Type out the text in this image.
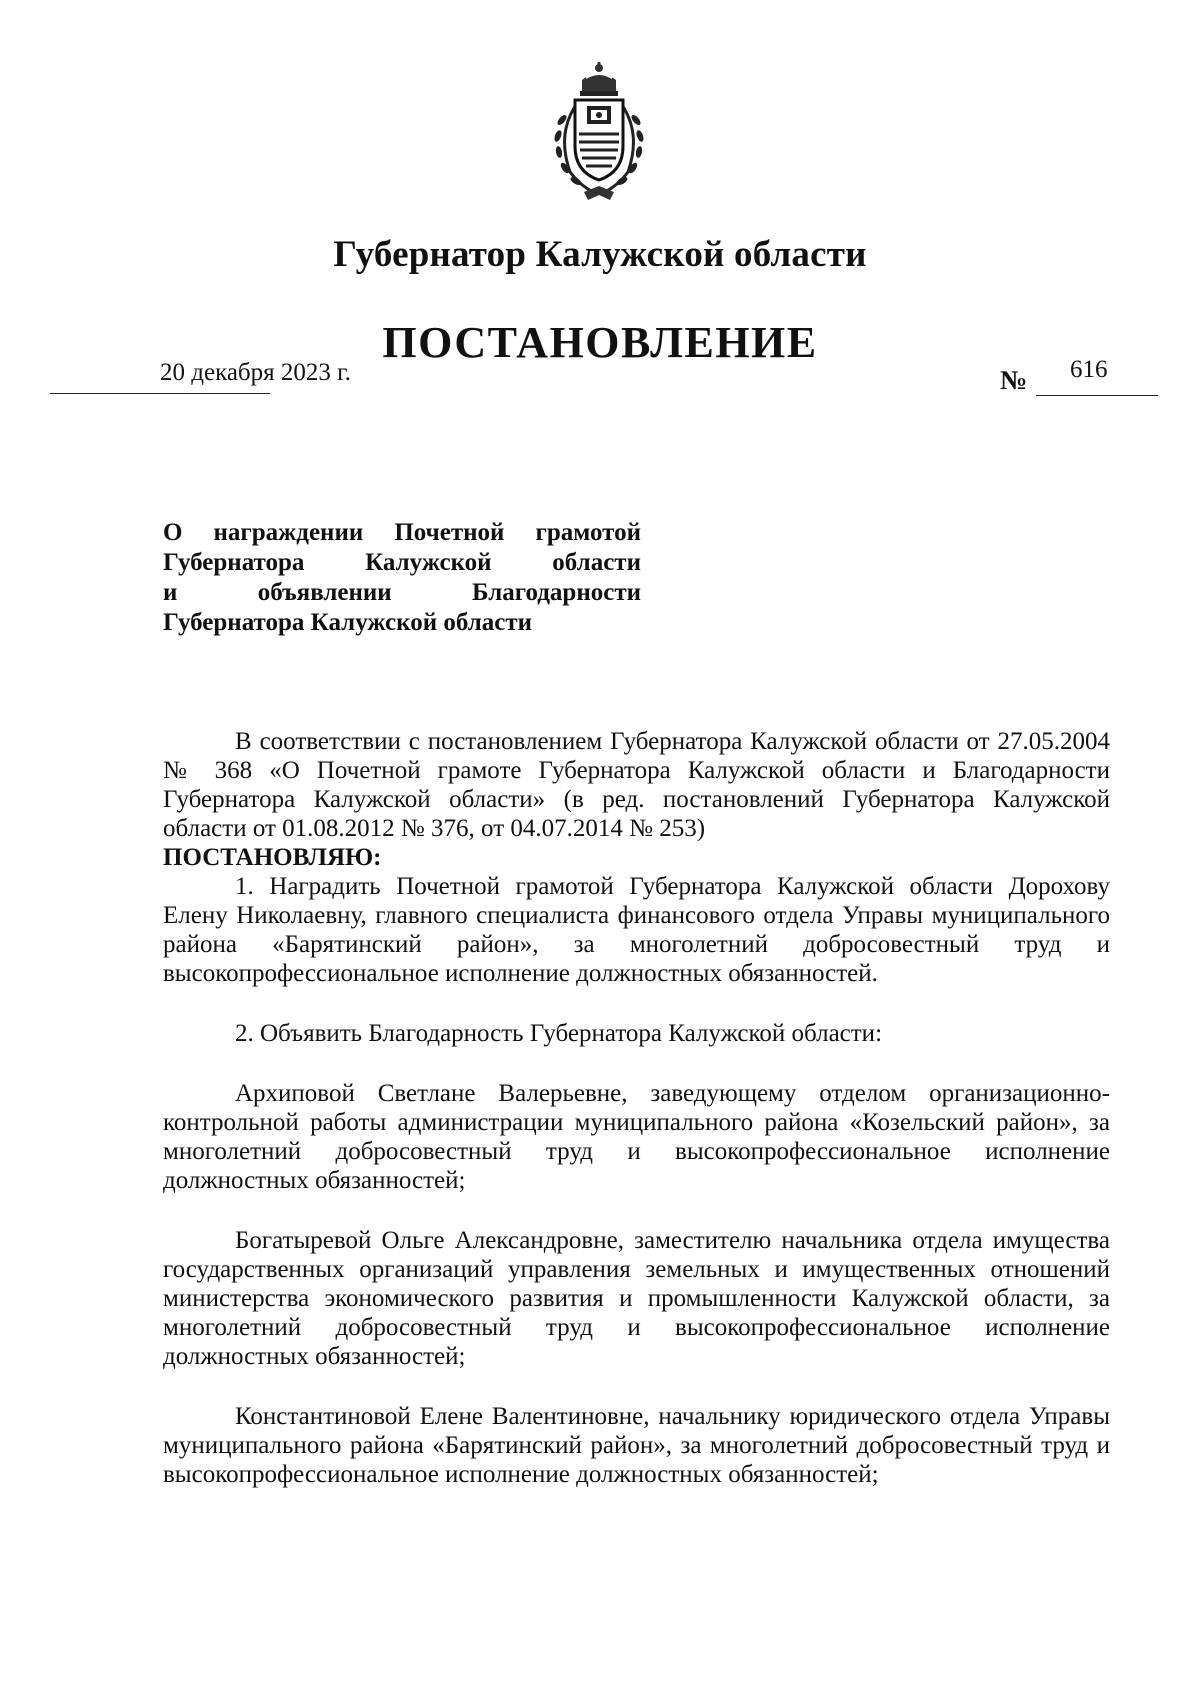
Губернатор Калужской области
ПОСТАНОВЛЕНИЕ
20 декабря 2023 г.	№ 616
О награждении Почетной грамотой
Губернатора Калужской области
и объявлении Благодарности
Губернатора Калужской области

В соответствии с постановлением Губернатора Калужской области от 27.05.2004 № 368 «О Почетной грамоте Губернатора Калужской области и Благодарности Губернатора Калужской области» (в ред. постановлений Губернатора Калужской области от 01.08.2012 № 376, от 04.07.2014 № 253)

ПОСТАНОВЛЯЮ:

1. Наградить Почетной грамотой Губернатора Калужской области Дорохову Елену Николаевну, главного специалиста финансового отдела Управы муниципального района «Барятинский район», за многолетний добросовестный труд и высокопрофессиональное исполнение должностных обязанностей.

2. Объявить Благодарность Губернатора Калужской области:

Архиповой Светлане Валерьевне, заведующему отделом организационно-контрольной работы администрации муниципального района «Козельский район», за многолетний добросовестный труд и высокопрофессиональное исполнение должностных обязанностей;

Богатыревой Ольге Александровне, заместителю начальника отдела имущества государственных организаций управления земельных и имущественных отношений министерства экономического развития и промышленности Калужской области, за многолетний добросовестный труд и высокопрофессиональное исполнение должностных обязанностей;

Константиновой Елене Валентиновне, начальнику юридического отдела Управы муниципального района «Барятинский район», за многолетний добросовестный труд и высокопрофессиональное исполнение должностных обязанностей;
